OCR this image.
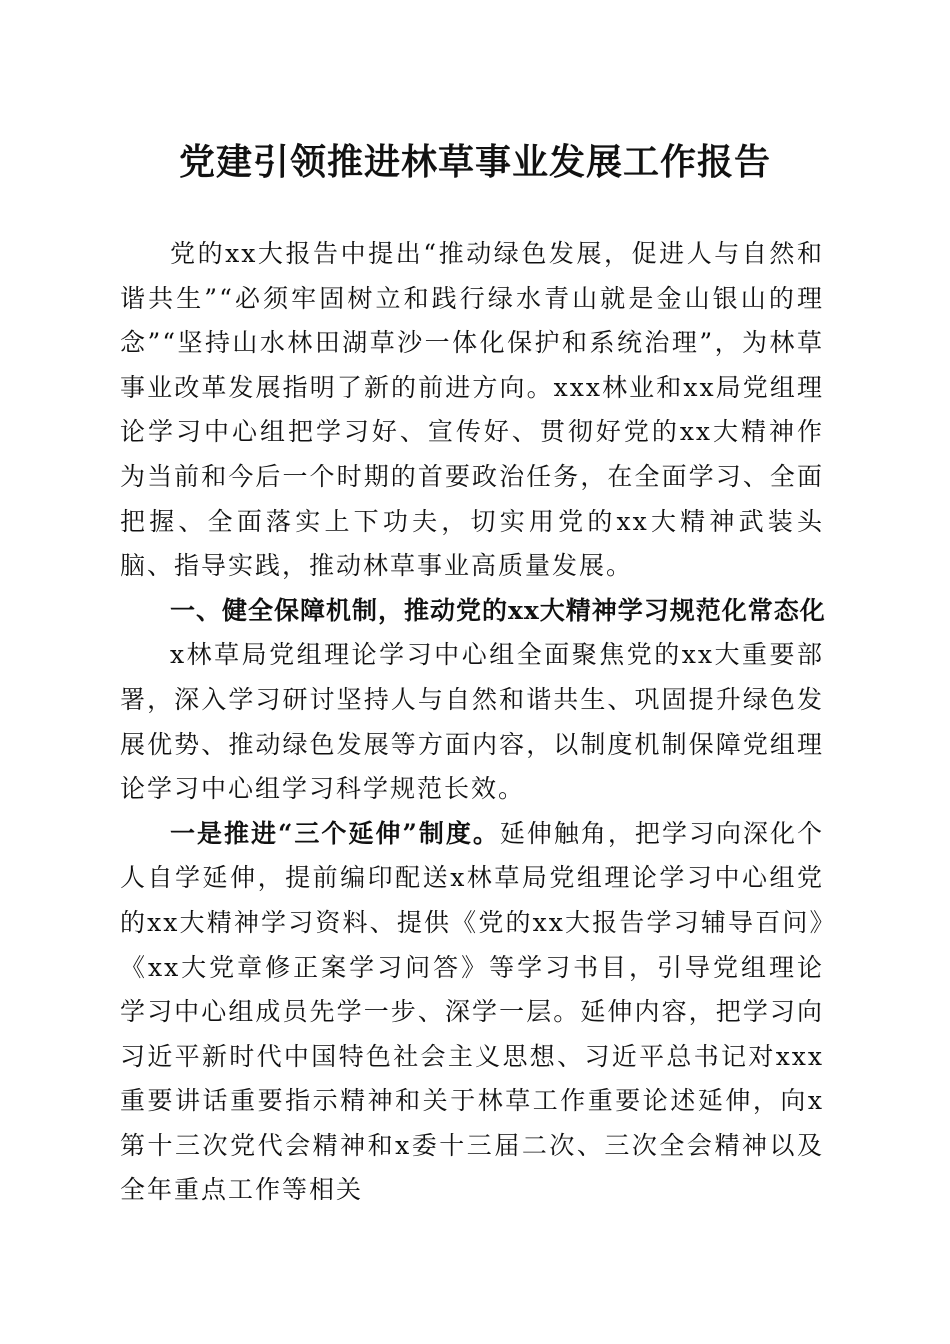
党建引领推进林草事业发展工作报告

党的xx大报告中提出“推动绿色发展，促进人与自然和谐共生”“必须牢固树立和践行绿水青山就是金山银山的理念”“坚持山水林田湖草沙一体化保护和系统治理”，为林草事业改革发展指明了新的前进方向。xxx林业和xx局党组理论学习中心组把学习好、宣传好、贯彻好党的xx大精神作为当前和今后一个时期的首要政治任务，在全面学习、全面把握、全面落实上下功夫，切实用党的xx大精神武装头脑、指导实践，推动林草事业高质量发展。

一、健全保障机制，推动党的xx大精神学习规范化常态化

x林草局党组理论学习中心组全面聚焦党的xx大重要部署，深入学习研讨坚持人与自然和谐共生、巩固提升绿色发展优势、推动绿色发展等方面内容，以制度机制保障党组理论学习中心组学习科学规范长效。

一是推进“三个延伸”制度。延伸触角，把学习向深化个人自学延伸，提前编印配送x林草局党组理论学习中心组党的xx大精神学习资料、提供《党的xx大报告学习辅导百问》《xx大党章修正案学习问答》等学习书目，引导党组理论学习中心组成员先学一步、深学一层。延伸内容，把学习向习近平新时代中国特色社会主义思想、习近平总书记对xxx重要讲话重要指示精神和关于林草工作重要论述延伸，向x第十三次党代会精神和x委十三届二次、三次全会精神以及全年重点工作等相关
